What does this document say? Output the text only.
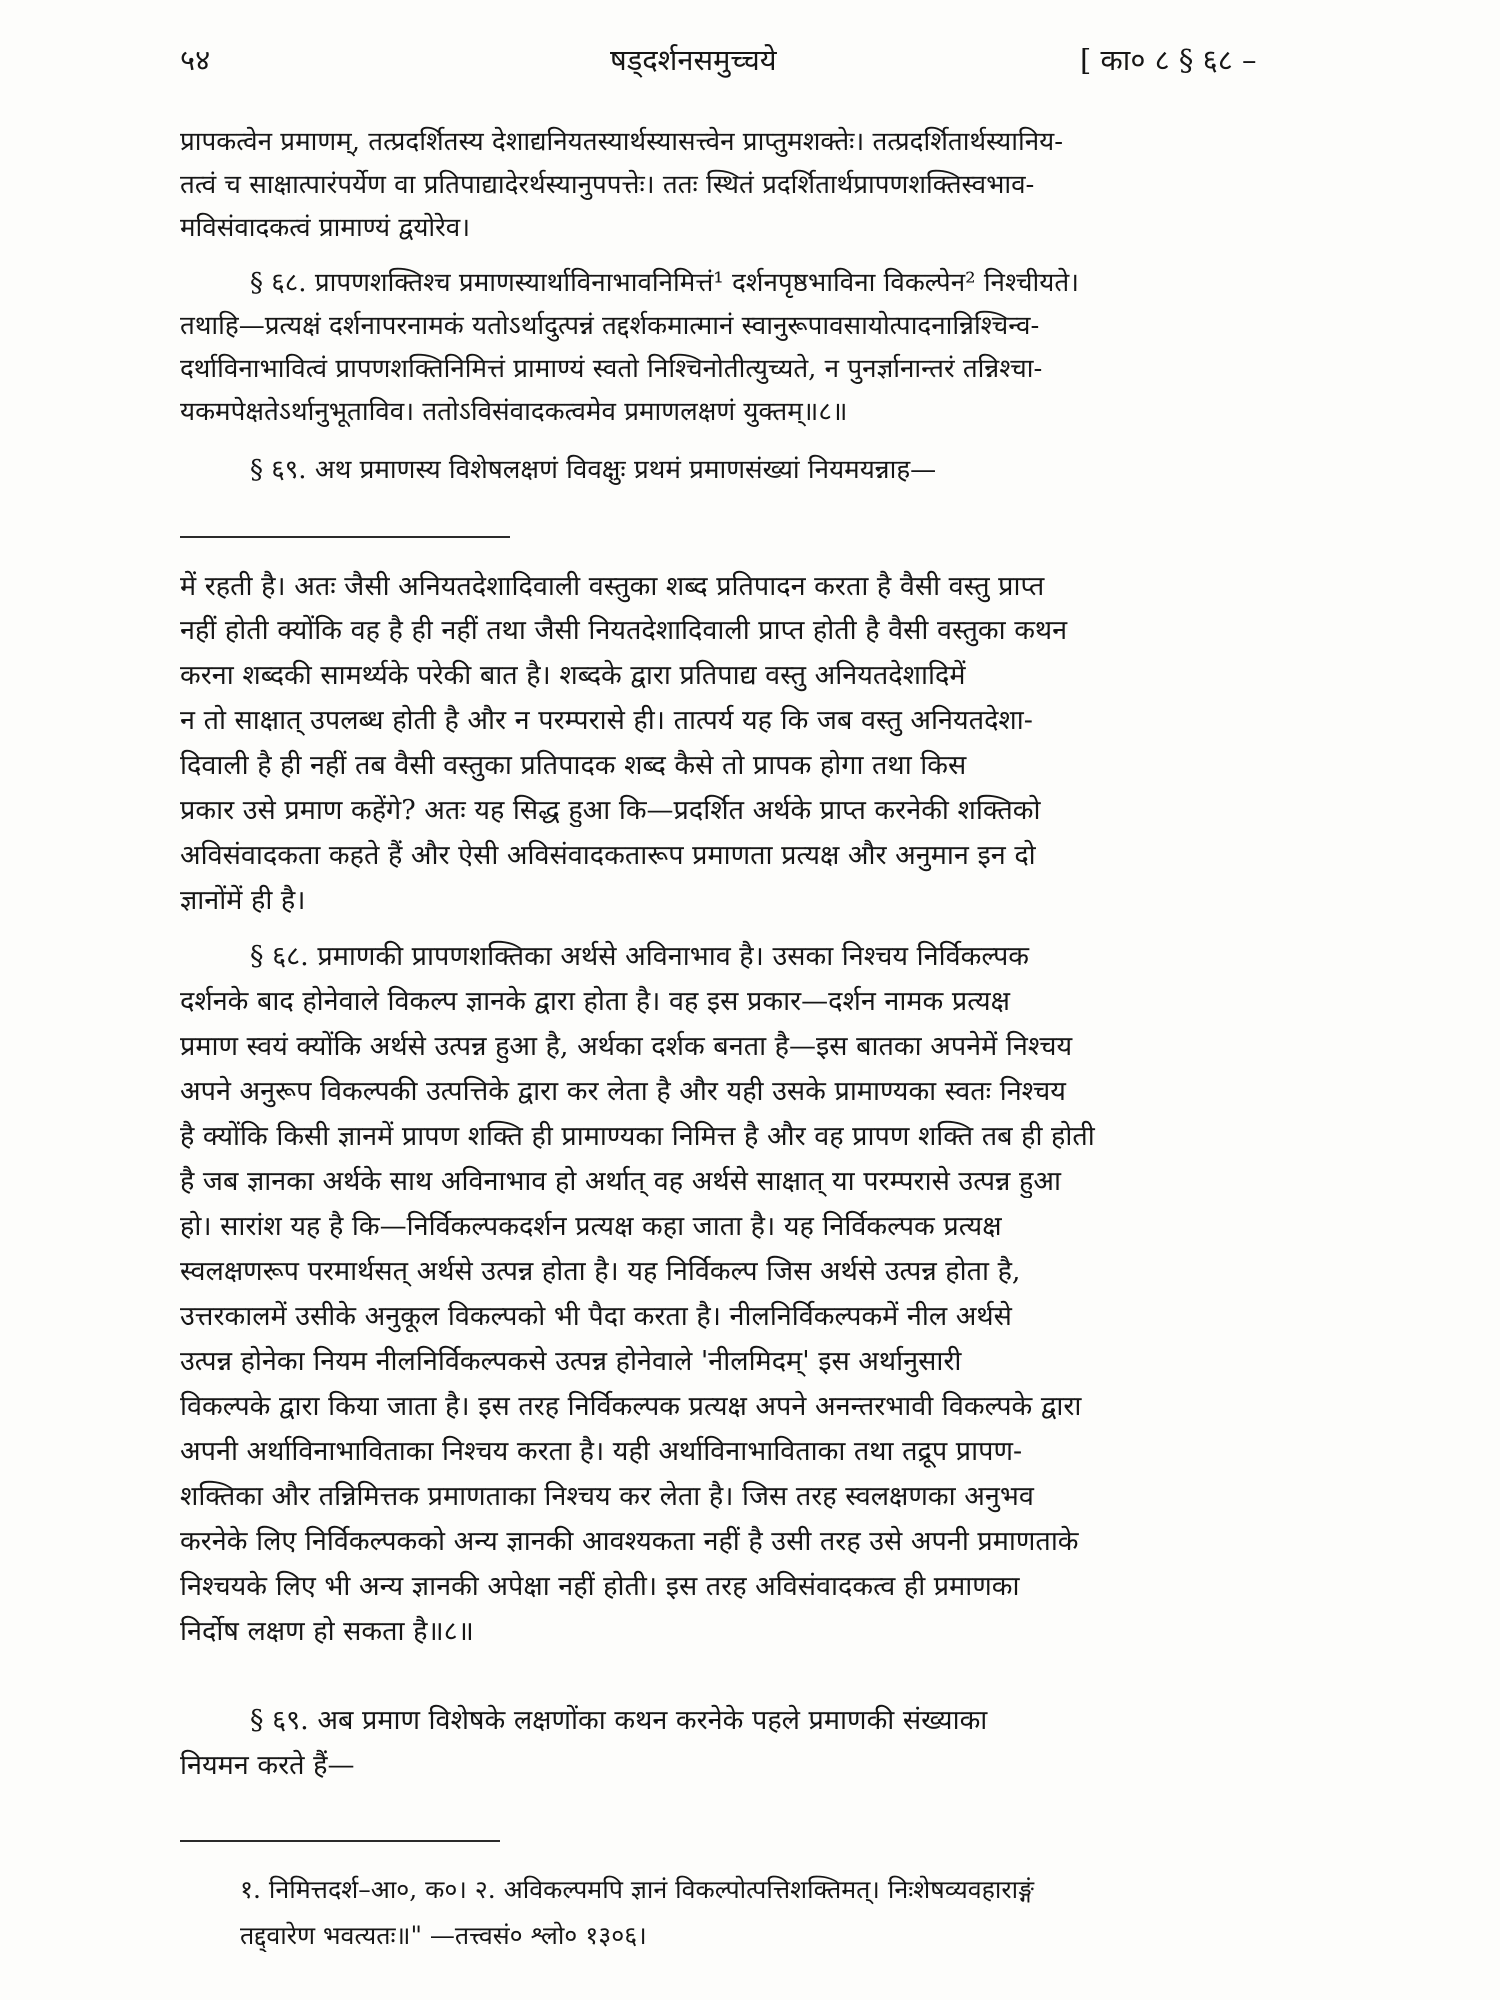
५४	षड्दर्शनसमुच्चये	[ का० ८ § ६८ –
प्रापकत्वेन प्रमाणम्, तत्प्रदर्शितस्य देशाद्यनियतस्यार्थस्यासत्त्वेन प्राप्तुमशक्तेः। तत्प्रदर्शितार्थस्यानिय-
तत्वं च साक्षात्पारंपर्येण वा प्रतिपाद्यादेरर्थस्यानुपपत्तेः। ततः स्थितं प्रदर्शितार्थप्रापणशक्तिस्वभाव-
मविसंवादकत्वं प्रामाण्यं द्वयोरेव।
§ ६८. प्रापणशक्तिश्च प्रमाणस्यार्थाविनाभावनिमित्तं¹ दर्शनपृष्ठभाविना विकल्पेन² निश्चीयते।
तथाहि—प्रत्यक्षं दर्शनापरनामकं यतोऽर्थादुत्पन्नं तद्दर्शकमात्मानं स्वानुरूपावसायोत्पादनान्निश्चिन्व-
दर्थाविनाभावित्वं प्रापणशक्तिनिमित्तं प्रामाण्यं स्वतो निश्चिनोतीत्युच्यते, न पुनर्ज्ञानान्तरं तन्निश्चा-
यकमपेक्षतेऽर्थानुभूताविव। ततोऽविसंवादकत्वमेव प्रमाणलक्षणं युक्तम्॥८॥
§ ६९. अथ प्रमाणस्य विशेषलक्षणं विवक्षुः प्रथमं प्रमाणसंख्यां नियमयन्नाह—
में रहती है। अतः जैसी अनियतदेशादिवाली वस्तुका शब्द प्रतिपादन करता है वैसी वस्तु प्राप्त
नहीं होती क्योंकि वह है ही नहीं तथा जैसी नियतदेशादिवाली प्राप्त होती है वैसी वस्तुका कथन
करना शब्दकी सामर्थ्यके परेकी बात है। शब्दके द्वारा प्रतिपाद्य वस्तु अनियतदेशादिमें
न तो साक्षात् उपलब्ध होती है और न परम्परासे ही। तात्पर्य यह कि जब वस्तु अनियतदेशा-
दिवाली है ही नहीं तब वैसी वस्तुका प्रतिपादक शब्द कैसे तो प्रापक होगा तथा किस
प्रकार उसे प्रमाण कहेंगे? अतः यह सिद्ध हुआ कि—प्रदर्शित अर्थके प्राप्त करनेकी शक्तिको
अविसंवादकता कहते हैं और ऐसी अविसंवादकतारूप प्रमाणता प्रत्यक्ष और अनुमान इन दो
ज्ञानोंमें ही है।
§ ६८. प्रमाणकी प्रापणशक्तिका अर्थसे अविनाभाव है। उसका निश्चय निर्विकल्पक
दर्शनके बाद होनेवाले विकल्प ज्ञानके द्वारा होता है। वह इस प्रकार—दर्शन नामक प्रत्यक्ष
प्रमाण स्वयं क्योंकि अर्थसे उत्पन्न हुआ है, अर्थका दर्शक बनता है—इस बातका अपनेमें निश्चय
अपने अनुरूप विकल्पकी उत्पत्तिके द्वारा कर लेता है और यही उसके प्रामाण्यका स्वतः निश्चय
है क्योंकि किसी ज्ञानमें प्रापण शक्ति ही प्रामाण्यका निमित्त है और वह प्रापण शक्ति तब ही होती
है जब ज्ञानका अर्थके साथ अविनाभाव हो अर्थात् वह अर्थसे साक्षात् या परम्परासे उत्पन्न हुआ
हो। सारांश यह है कि—निर्विकल्पकदर्शन प्रत्यक्ष कहा जाता है। यह निर्विकल्पक प्रत्यक्ष
स्वलक्षणरूप परमार्थसत् अर्थसे उत्पन्न होता है। यह निर्विकल्प जिस अर्थसे उत्पन्न होता है,
उत्तरकालमें उसीके अनुकूल विकल्पको भी पैदा करता है। नीलनिर्विकल्पकमें नील अर्थसे
उत्पन्न होनेका नियम नीलनिर्विकल्पकसे उत्पन्न होनेवाले 'नीलमिदम्' इस अर्थानुसारी
विकल्पके द्वारा किया जाता है। इस तरह निर्विकल्पक प्रत्यक्ष अपने अनन्तरभावी विकल्पके द्वारा
अपनी अर्थाविनाभाविताका निश्चय करता है। यही अर्थाविनाभाविताका तथा तद्रूप प्रापण-
शक्तिका और तन्निमित्तक प्रमाणताका निश्चय कर लेता है। जिस तरह स्वलक्षणका अनुभव
करनेके लिए निर्विकल्पकको अन्य ज्ञानकी आवश्यकता नहीं है उसी तरह उसे अपनी प्रमाणताके
निश्चयके लिए भी अन्य ज्ञानकी अपेक्षा नहीं होती। इस तरह अविसंवादकत्व ही प्रमाणका
निर्दोष लक्षण हो सकता है॥८॥
§ ६९. अब प्रमाण विशेषके लक्षणोंका कथन करनेके पहले प्रमाणकी संख्याका
नियमन करते हैं—
१. निमित्तदर्श–आ०, क०। २. अविकल्पमपि ज्ञानं विकल्पोत्पत्तिशक्तिमत्। निःशेषव्यवहाराङ्गं
तद्द्वारेण भवत्यतः॥" —तत्त्वसं० श्लो० १३०६।
